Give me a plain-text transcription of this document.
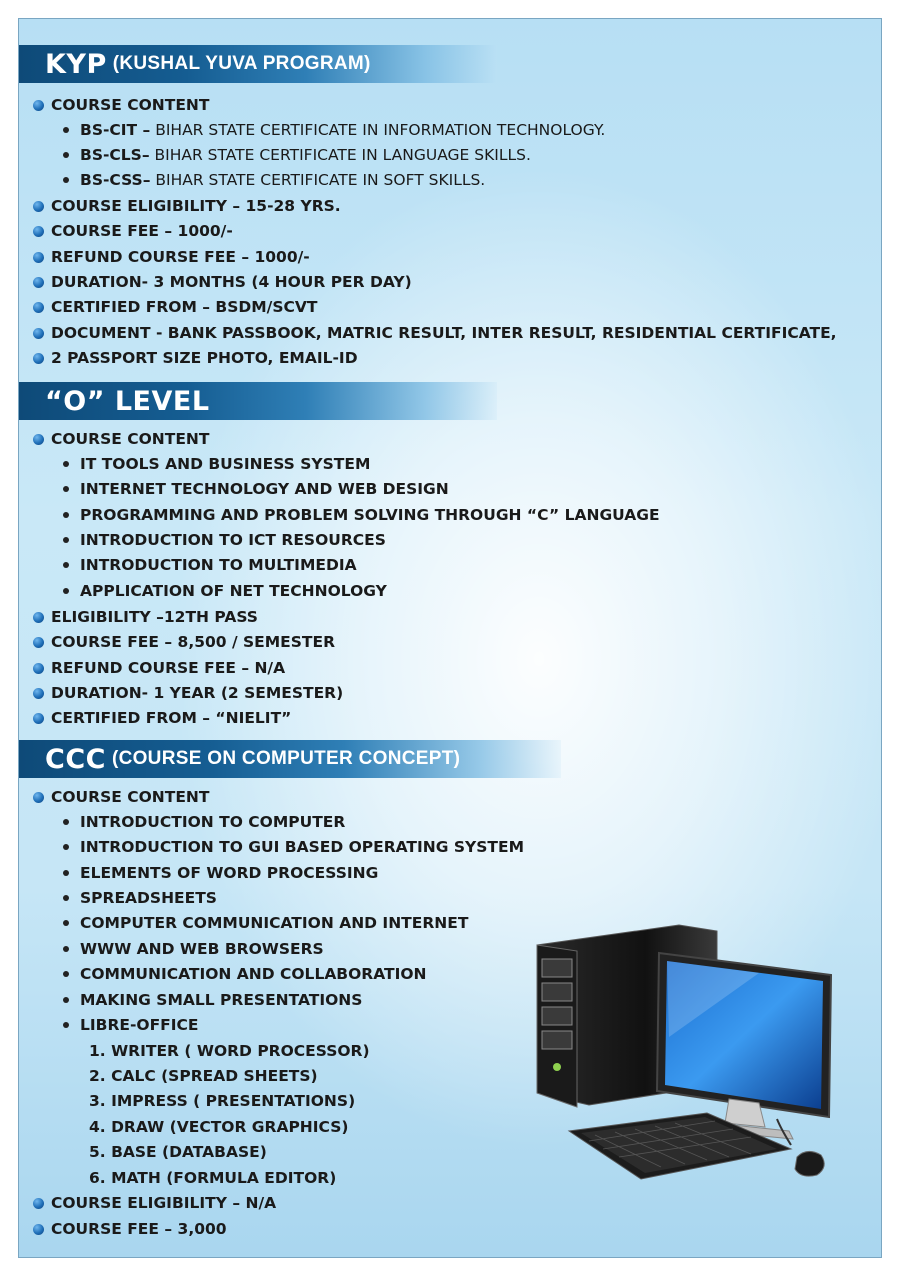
KYP (KUSHAL YUVA PROGRAM)
COURSE CONTENT
BS-CIT – BIHAR STATE CERTIFICATE IN INFORMATION TECHNOLOGY.
BS-CLS– BIHAR STATE CERTIFICATE IN LANGUAGE SKILLS.
BS-CSS– BIHAR STATE CERTIFICATE IN SOFT SKILLS.
COURSE ELIGIBILITY – 15-28 YRS.
COURSE FEE – 1000/-
REFUND COURSE FEE – 1000/-
DURATION- 3 MONTHS (4 HOUR PER DAY)
CERTIFIED FROM – BSDM/SCVT
DOCUMENT - BANK PASSBOOK, MATRIC RESULT, INTER RESULT, RESIDENTIAL CERTIFICATE,
2 PASSPORT SIZE PHOTO, EMAIL-ID
“O” LEVEL
COURSE CONTENT
IT TOOLS AND BUSINESS SYSTEM
INTERNET TECHNOLOGY AND WEB DESIGN
PROGRAMMING AND PROBLEM SOLVING THROUGH “C” LANGUAGE
INTRODUCTION TO ICT RESOURCES
INTRODUCTION TO MULTIMEDIA
APPLICATION OF NET TECHNOLOGY
ELIGIBILITY –12TH PASS
COURSE FEE – 8,500 / SEMESTER
REFUND COURSE FEE – N/A
DURATION- 1 YEAR (2 SEMESTER)
CERTIFIED FROM – “NIELIT”
CCC (COURSE ON COMPUTER CONCEPT)
COURSE CONTENT
INTRODUCTION TO COMPUTER
INTRODUCTION TO GUI BASED OPERATING SYSTEM
ELEMENTS OF WORD PROCESSING
SPREADSHEETS
COMPUTER COMMUNICATION AND INTERNET
WWW AND WEB BROWSERS
COMMUNICATION AND COLLABORATION
MAKING SMALL PRESENTATIONS
LIBRE-OFFICE
1. WRITER ( WORD PROCESSOR)
2. CALC (SPREAD SHEETS)
3. IMPRESS ( PRESENTATIONS)
4. DRAW (VECTOR GRAPHICS)
5. BASE (DATABASE)
6. MATH (FORMULA EDITOR)
COURSE ELIGIBILITY – N/A
COURSE FEE – 3,000
